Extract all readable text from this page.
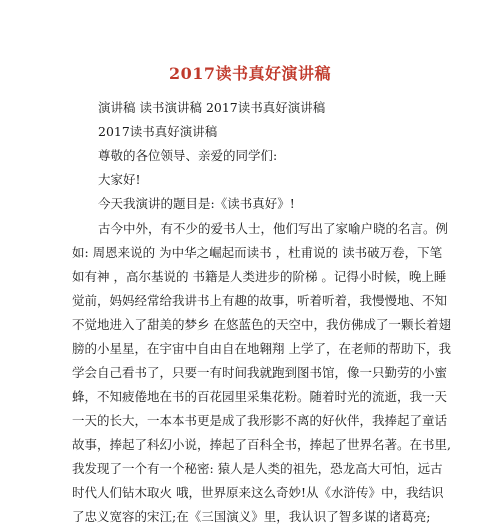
2017读书真好演讲稿
演讲稿 读书演讲稿 2017读书真好演讲稿
2017读书真好演讲稿
尊敬的各位领导、亲爱的同学们:
大家好!
今天我演讲的题目是:《读书真好》!
古今中外，有不少的爱书人士，他们写出了家喻户晓的名言。例
如: 周恩来说的 为中华之崛起而读书 ，杜甫说的 读书破万卷，下笔
如有神 ，高尔基说的 书籍是人类进步的阶梯 。记得小时候，晚上睡
觉前，妈妈经常给我讲书上有趣的故事，听着听着，我慢慢地、不知
不觉地进入了甜美的梦乡 在悠蓝色的天空中，我仿佛成了一颗长着翅
膀的小星星，在宇宙中自由自在地翱翔 上学了，在老师的帮助下，我
学会自己看书了，只要一有时间我就跑到图书馆，像一只勤劳的小蜜
蜂，不知疲倦地在书的百花园里采集花粉。随着时光的流逝，我一天
一天的长大，一本本书更是成了我形影不离的好伙伴，我捧起了童话
故事，捧起了科幻小说，捧起了百科全书，捧起了世界名著。在书里,
我发现了一个有一个秘密: 猿人是人类的祖先，恐龙高大可怕，远古
时代人们钻木取火 哦，世界原来这么奇妙!从《水浒传》中，我结识
了忠义宽容的宋江;在《三国演义》里，我认识了智多谋的诸葛亮;
